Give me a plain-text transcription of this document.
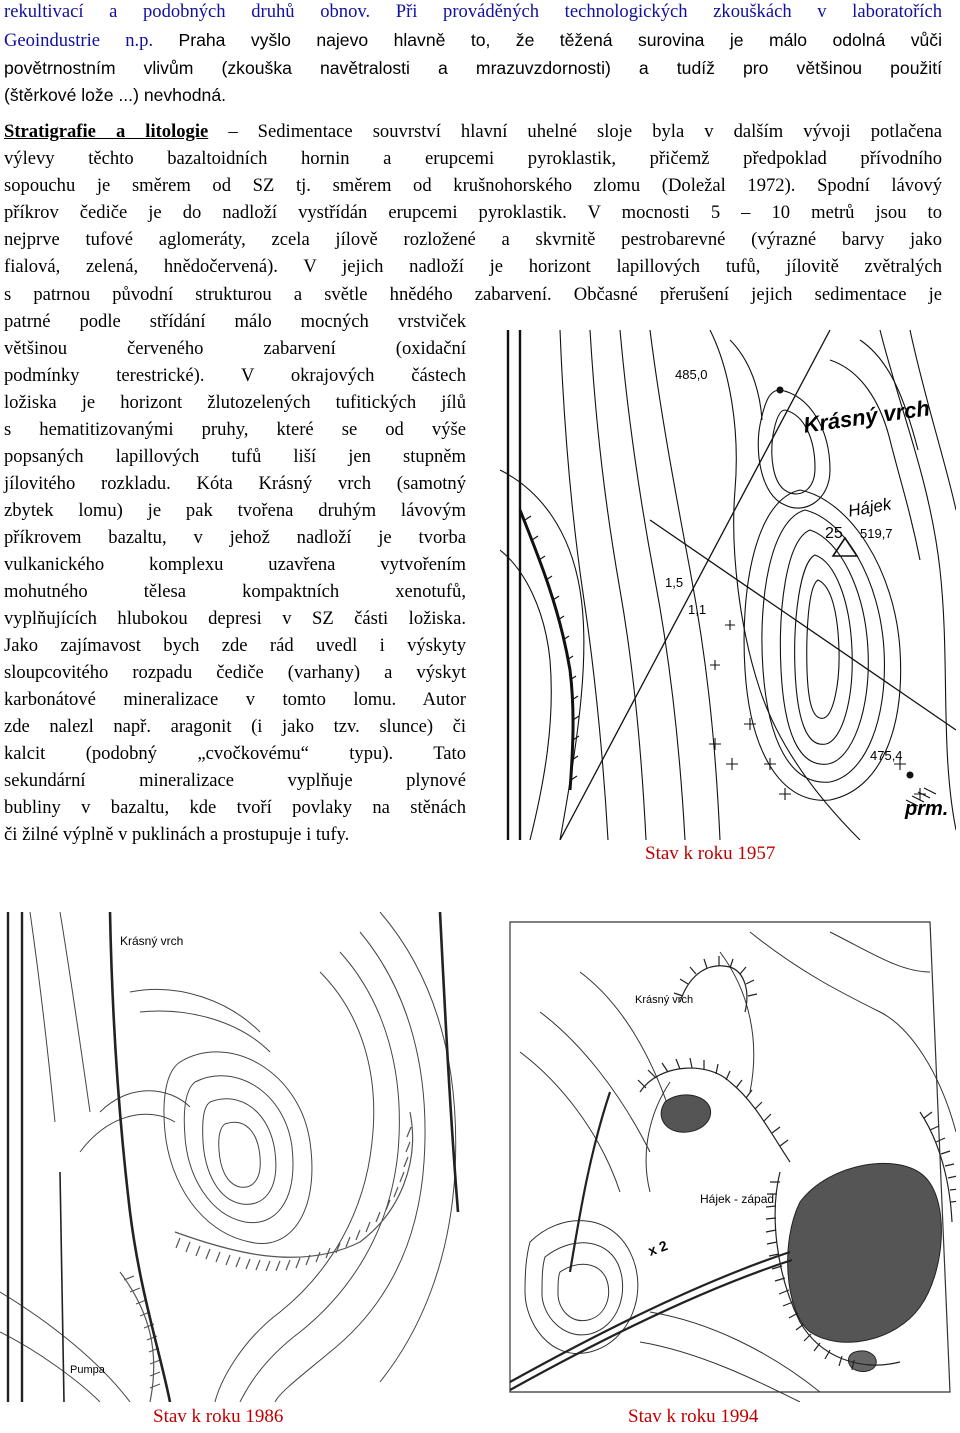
rekultivací a podobných druhů obnov. Při prováděných technologických zkouškách v laboratořích
Geoindustrie n.p. Praha vyšlo najevo hlavně to, že těžená surovina je málo odolná vůči
povětrnostním vlivům (zkouška navětralosti a mrazuvzdornosti) a tudíž pro většinou použití
(štěrkové lože ...) nevhodná.
Stratigrafie a litologie – Sedimentace souvrství hlavní uhelné sloje byla v dalším vývoji potlačena
výlevy těchto bazaltoidních hornin a erupcemi pyroklastik, přičemž předpoklad přívodního
sopouchu je směrem od SZ tj. směrem od krušnohorského zlomu (Doležal 1972). Spodní lávový
příkrov čediče je do nadloží vystřídán erupcemi pyroklastik. V mocnosti 5 – 10 metrů jsou to
nejprve tufové aglomeráty, zcela jílově rozložené a skvrnitě pestrobarevné (výrazné barvy jako
fialová, zelená, hnědočervená). V jejich nadloží je horizont lapillových tufů, jílovitě zvětralých
s patrnou původní strukturou a světle hnědého zabarvení. Občasné přerušení jejich sedimentace je
patrné podle střídání málo mocných vrstviček
většinou červeného zabarvení (oxidační
podmínky terestrické). V okrajových částech
ložiska je horizont žlutozelených tufitických jílů
s hematitizovanými pruhy, které se od výše
popsaných lapillových tufů liší jen stupněm
jílovitého rozkladu. Kóta Krásný vrch (samotný
zbytek lomu) je pak tvořena druhým lávovým
příkrovem bazaltu, v jehož nadloží je tvorba
vulkanického komplexu uzavřena vytvořením
mohutného tělesa kompaktních xenotufů,
vyplňujících hlubokou depresi v SZ části ložiska.
Jako zajímavost bych zde rád uvedl i výskyty
sloupcovitého rozpadu čediče (varhany) a výskyt
karbonátové mineralizace v tomto lomu. Autor
zde nalezl např. aragonit (i jako tzv. slunce) či
kalcit (podobný „cvočkovému“ typu). Tato
sekundární mineralizace vyplňuje plynové
bubliny v bazaltu, kde tvoří povlaky na stěnách
či žilné výplně v puklinách a prostupuje i tufy.
Krásný vrch
485,0
Hájek
25 519,7
1,5
1,1
475,4
prm.
Stav k roku 1957
Krásný vrch
Pumpa
Stav k roku 1986
Krásný vrch
Hájek - západ
x 2
Stav k roku 1994
